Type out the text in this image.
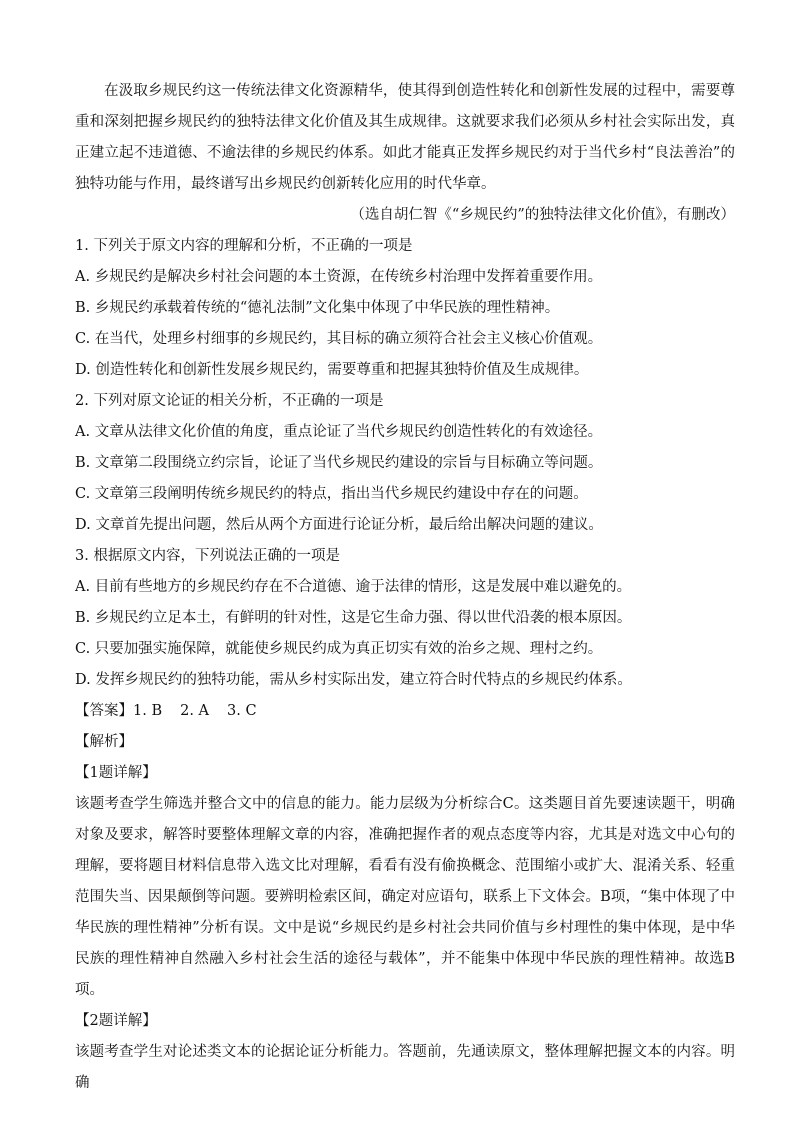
在汲取乡规民约这一传统法律文化资源精华，使其得到创造性转化和创新性发展的过程中，需要尊重和深刻把握乡规民约的独特法律文化价值及其生成规律。这就要求我们必须从乡村社会实际出发，真正建立起不违道德、不逾法律的乡规民约体系。如此才能真正发挥乡规民约对于当代乡村“良法善治”的独特功能与作用，最终谱写出乡规民约创新转化应用的时代华章。

（选自胡仁智《“乡规民约”的独特法律文化价值》，有删改）

1. 下列关于原文内容的理解和分析，不正确的一项是

A. 乡规民约是解决乡村社会问题的本土资源，在传统乡村治理中发挥着重要作用。

B. 乡规民约承载着传统的“德礼法制”文化集中体现了中华民族的理性精神。

C. 在当代，处理乡村细事的乡规民约，其目标的确立须符合社会主义核心价值观。

D. 创造性转化和创新性发展乡规民约，需要尊重和把握其独特价值及生成规律。

2. 下列对原文论证的相关分析，不正确的一项是

A. 文章从法律文化价值的角度，重点论证了当代乡规民约创造性转化的有效途径。

B. 文章第二段围绕立约宗旨，论证了当代乡规民约建设的宗旨与目标确立等问题。

C. 文章第三段阐明传统乡规民约的特点，指出当代乡规民约建设中存在的问题。

D. 文章首先提出问题，然后从两个方面进行论证分析，最后给出解决问题的建议。

3. 根据原文内容，下列说法正确的一项是

A. 目前有些地方的乡规民约存在不合道德、逾于法律的情形，这是发展中难以避免的。

B. 乡规民约立足本土，有鲜明的针对性，这是它生命力强、得以世代沿袭的根本原因。

C. 只要加强实施保障，就能使乡规民约成为真正切实有效的治乡之规、理村之约。

D. 发挥乡规民约的独特功能，需从乡村实际出发，建立符合时代特点的乡规民约体系。

【答案】1. B 2. A 3. C

【解析】

【1题详解】

该题考查学生筛选并整合文中的信息的能力。能力层级为分析综合C。这类题目首先要速读题干，明确对象及要求，解答时要整体理解文章的内容，准确把握作者的观点态度等内容，尤其是对选文中心句的理解，要将题目材料信息带入选文比对理解，看看有没有偷换概念、范围缩小或扩大、混淆关系、轻重范围失当、因果颠倒等问题。要辨明检索区间，确定对应语句，联系上下文体会。B项，“集中体现了中华民族的理性精神”分析有误。文中是说“乡规民约是乡村社会共同价值与乡村理性的集中体现，是中华民族的理性精神自然融入乡村社会生活的途径与载体”，并不能集中体现中华民族的理性精神。故选B项。

【2题详解】

该题考查学生对论述类文本的论据论证分析能力。答题前，先通读原文，整体理解把握文本的内容。明确
